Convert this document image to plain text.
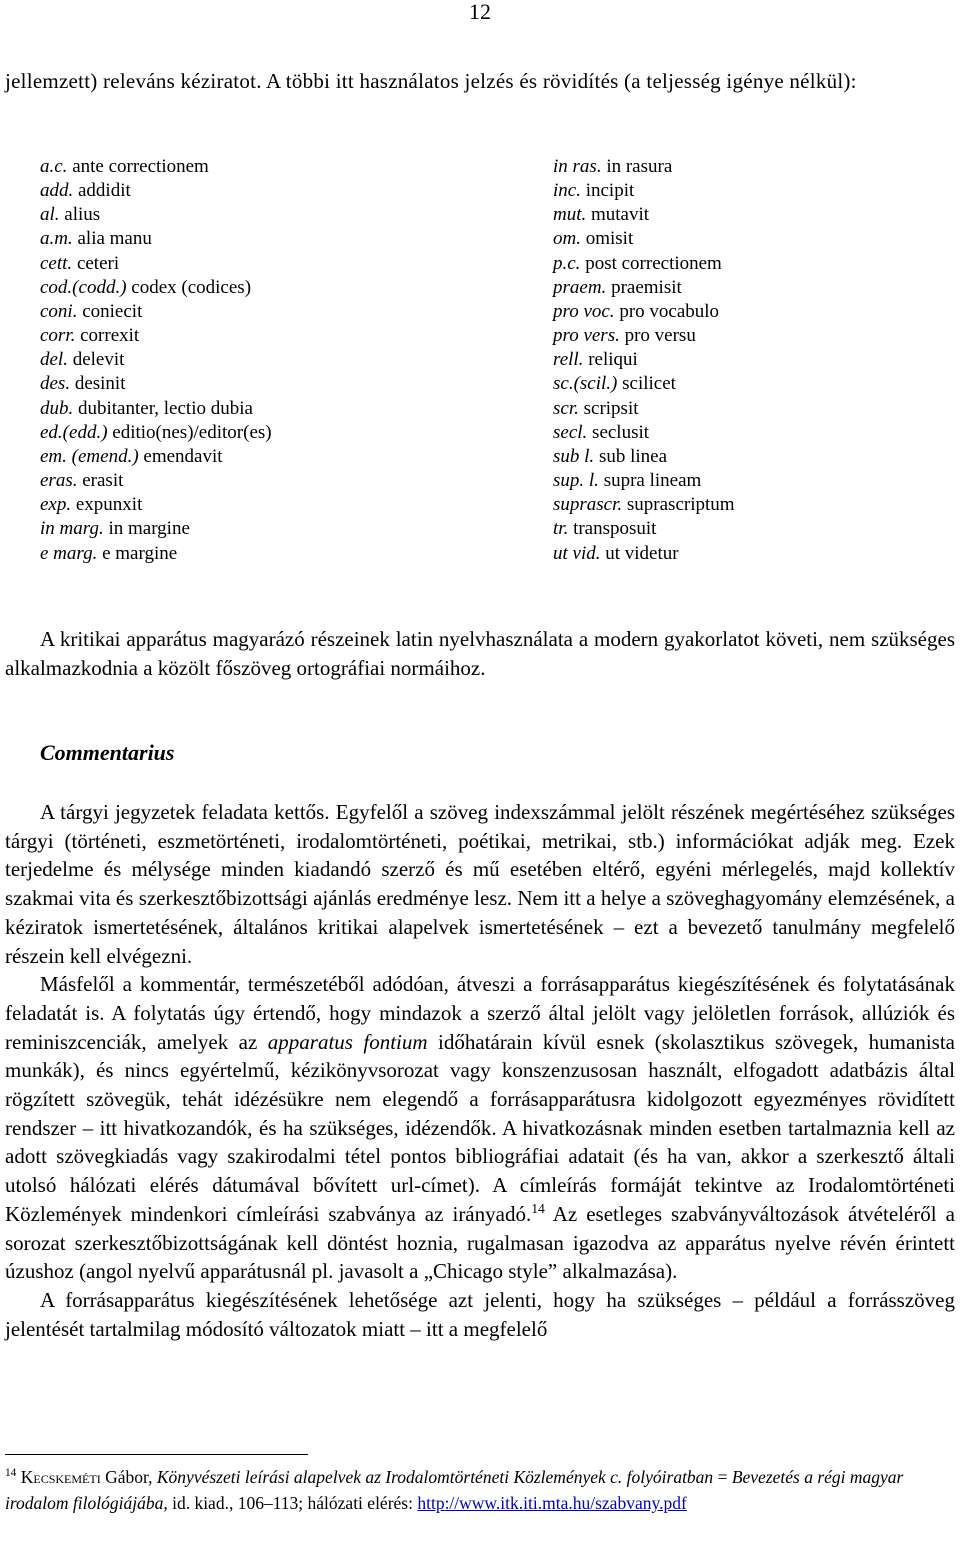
12

jellemzett) releváns kéziratot. A többi itt használatos jelzés és rövidítés (a teljesség igénye nélkül):

a.c. ante correctionem
add. addidit
al. alius
a.m. alia manu
cett. ceteri
cod.(codd.) codex (codices)
coni. coniecit
corr. correxit
del. delevit
des. desinit
dub. dubitanter, lectio dubia
ed.(edd.) editio(nes)/editor(es)
em. (emend.) emendavit
eras. erasit
exp. expunxit
in marg. in margine
e marg. e margine
in ras. in rasura
inc. incipit
mut. mutavit
om. omisit
p.c. post correctionem
praem. praemisit
pro voc. pro vocabulo
pro vers. pro versu
rell. reliqui
sc.(scil.) scilicet
scr. scripsit
secl. seclusit
sub l. sub linea
sup. l. supra lineam
suprascr. suprascriptum
tr. transposuit
ut vid. ut videtur

A kritikai apparátus magyarázó részeinek latin nyelvhasználata a modern gyakorlatot követi, nem szükséges alkalmazkodnia a közölt főszöveg ortográfiai normáihoz.

Commentarius
A tárgyi jegyzetek feladata kettős. Egyfelől a szöveg indexszámmal jelölt részének megértéséhez szükséges tárgyi (történeti, eszmetörténeti, irodalomtörténeti, poétikai, metrikai, stb.) információkat adják meg. Ezek terjedelme és mélysége minden kiadandó szerző és mű esetében eltérő, egyéni mérlegelés, majd kollektív szakmai vita és szerkesztőbizottsági ajánlás eredménye lesz. Nem itt a helye a szöveghagyomány elemzésének, a kéziratok ismertetésének, általános kritikai alapelvek ismertetésének – ezt a bevezető tanulmány megfelelő részein kell elvégezni.
Másfelől a kommentár, természetéből adódóan, átveszi a forrásapparátus kiegészítésének és folytatásának feladatát is. A folytatás úgy értendő, hogy mindazok a szerző által jelölt vagy jelöletlen források, allúziók és reminiszcenciák, amelyek az apparatus fontium időhatárain kívül esnek (skolasztikus szövegek, humanista munkák), és nincs egyértelmű, kézikönyvsorozat vagy konszenzusosan használt, elfogadott adatbázis által rögzített szövegük, tehát idézésükre nem elegendő a forrásapparátusra kidolgozott egyezményes rövidített rendszer – itt hivatkozandók, és ha szükséges, idézendők. A hivatkozásnak minden esetben tartalmaznia kell az adott szövegkiadás vagy szakirodalmi tétel pontos bibliográfiai adatait (és ha van, akkor a szerkesztő általi utolsó hálózati elérés dátumával bővített url-címet). A címleírás formáját tekintve az Irodalomtörténeti Közlemények mindenkori címleírási szabványa az irányadó.$^{14}$ Az esetleges szabványváltozások átvételéről a sorozat szerkesztőbizottságának kell döntést hoznia, rugalmasan igazodva az apparátus nyelve révén érintett úzushoz (angol nyelvű apparátusnál pl. javasolt a „Chicago style” alkalmazása).
A forrásapparátus kiegészítésének lehetősége azt jelenti, hogy ha szükséges – például a forrásszöveg jelentését tartalmilag módosító változatok miatt – itt a megfelelő

$^{14}$ Kecskeméti Gábor, Könyvészeti leírási alapelvek az Irodalomtörténeti Közlemények c. folyóiratban = Bevezetés a régi magyar irodalom filológiájába, id. kiad., 106–113; hálózati elérés: http://www.itk.iti.mta.hu/szabvany.pdf
